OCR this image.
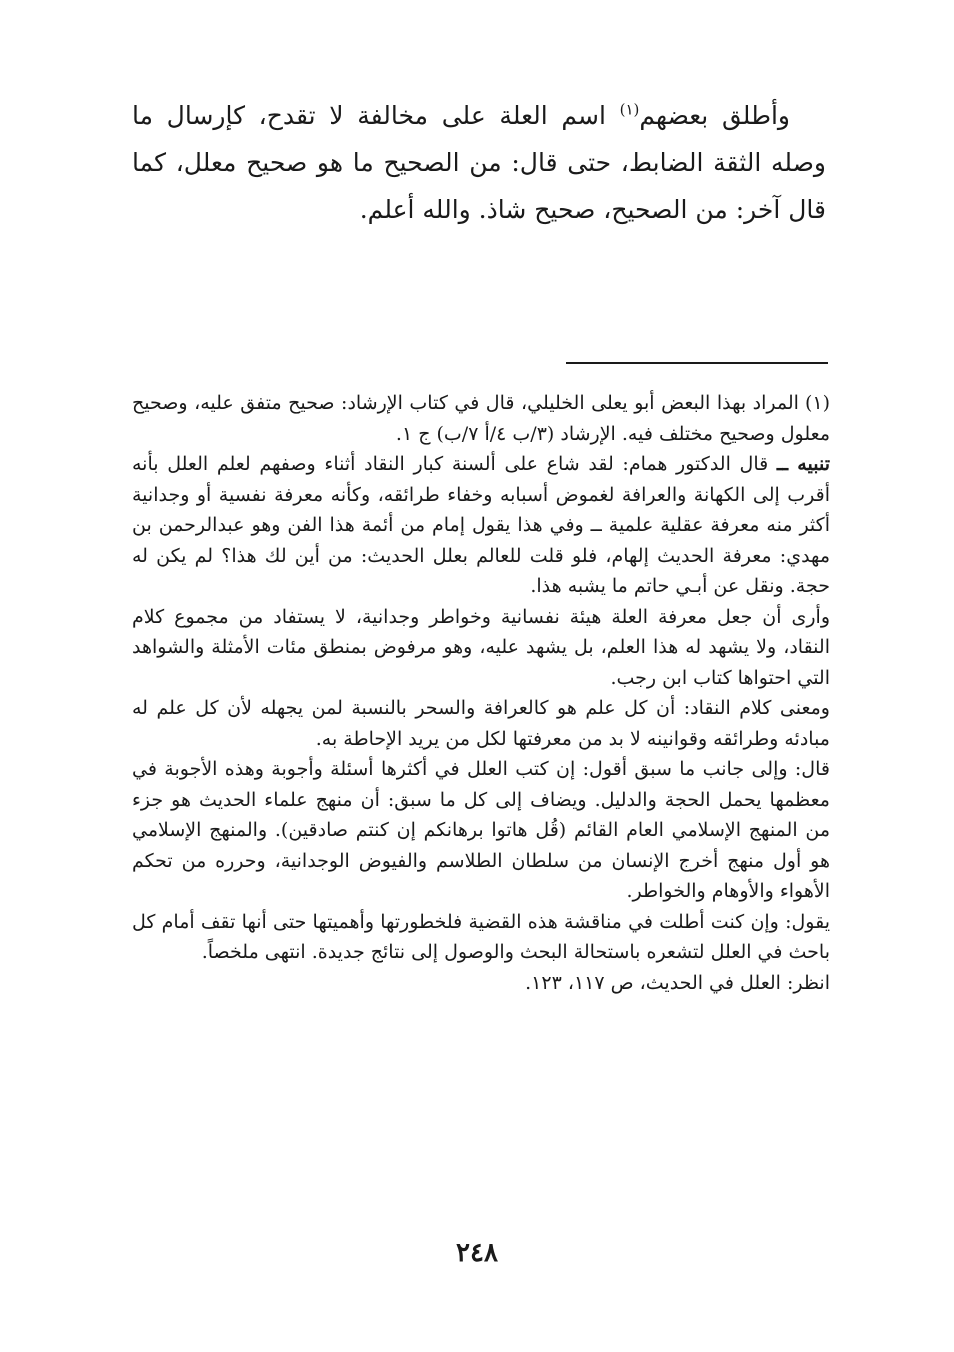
وأطلق بعضهم$^{(١)}$ اسم العلة على مخالفة لا تقدح، كإرسال ما وصله الثقة الضابط، حتى قال: من الصحيح ما هو صحيح معلل، كما قال آخر: من الصحيح، صحيح شاذ. والله أعلم.

(١)المراد بهذا البعض أبو يعلى الخليلي، قال في كتاب الإرشاد: صحيح متفق عليه، وصحيح معلول وصحيح مختلف فيه. الإرشاد (٣/ب ٤/أ ٧/ب) ج ١.

تنبيه ــ قال الدكتور همام: لقد شاع على ألسنة كبار النقاد أثناء وصفهم لعلم العلل بأنه أقرب إلى الكهانة والعرافة لغموض أسبابه وخفاء طرائقه، وكأنه معرفة نفسية أو وجدانية أكثر منه معرفة عقلية علمية ــ وفي هذا يقول إمام من أئمة هذا الفن وهو عبدالرحمن بن مهدي: معرفة الحديث إلهام، فلو قلت للعالم بعلل الحديث: من أين لك هذا؟ لم يكن له حجة. ونقل عن أبـي حاتم ما يشبه هذا.

وأرى أن جعل معرفة العلة هيئة نفسانية وخواطر وجدانية، لا يستفاد من مجموع كلام النقاد، ولا يشهد له هذا العلم، بل يشهد عليه، وهو مرفوض بمنطق مئات الأمثلة والشواهد التي احتواها كتاب ابن رجب.

ومعنى كلام النقاد: أن كل علم هو كالعرافة والسحر بالنسبة لمن يجهله لأن كل علم له مبادئه وطرائقه وقوانينه لا بد من معرفتها لكل من يريد الإحاطة به.

قال: وإلى جانب ما سبق أقول: إن كتب العلل في أكثرها أسئلة وأجوبة وهذه الأجوبة في معظمها يحمل الحجة والدليل. ويضاف إلى كل ما سبق: أن منهج علماء الحديث هو جزء من المنهج الإسلامي العام القائم (قُل هاتوا برهانكم إن كنتم صادقين). والمنهج الإسلامي هو أول منهج أخرج الإنسان من سلطان الطلاسم والفيوض الوجدانية، وحرره من تحكم الأهواء والأوهام والخواطر.

يقول: وإن كنت أطلت في مناقشة هذه القضية فلخطورتها وأهميتها حتى أنها تقف أمام كل باحث في العلل لتشعره باستحالة البحث والوصول إلى نتائج جديدة. انتهى ملخصاً.

انظر: العلل في الحديث، ص ١١٧، ١٢٣.

٢٤٨
